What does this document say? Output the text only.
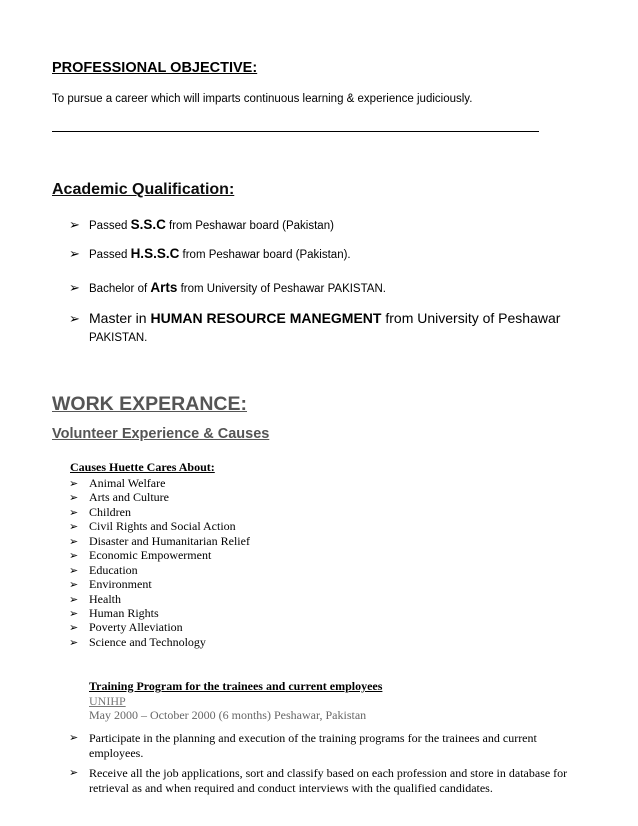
PROFESSIONAL OBJECTIVE:
To pursue a career which will imparts continuous learning & experience judiciously.
Academic Qualification:
➢ Passed S.S.C from Peshawar board (Pakistan)
➢ Passed H.S.S.C from Peshawar board (Pakistan).
➢ Bachelor of Arts from University of Peshawar PAKISTAN.
➢ Master in HUMAN RESOURCE MANEGMENT from University of Peshawar
PAKISTAN.
WORK EXPERANCE:
Volunteer Experience & Causes
Causes Huette Cares About:
➢ Animal Welfare
➢ Arts and Culture
➢ Children
➢ Civil Rights and Social Action
➢ Disaster and Humanitarian Relief
➢ Economic Empowerment
➢ Education
➢ Environment
➢ Health
➢ Human Rights
➢ Poverty Alleviation
➢ Science and Technology
Training Program for the trainees and current employees
UNIHP
May 2000 – October 2000 (6 months) Peshawar, Pakistan
➢ Participate in the planning and execution of the training programs for the trainees and current employees.
➢ Receive all the job applications, sort and classify based on each profession and store in database for retrieval as and when required and conduct interviews with the qualified candidates.
